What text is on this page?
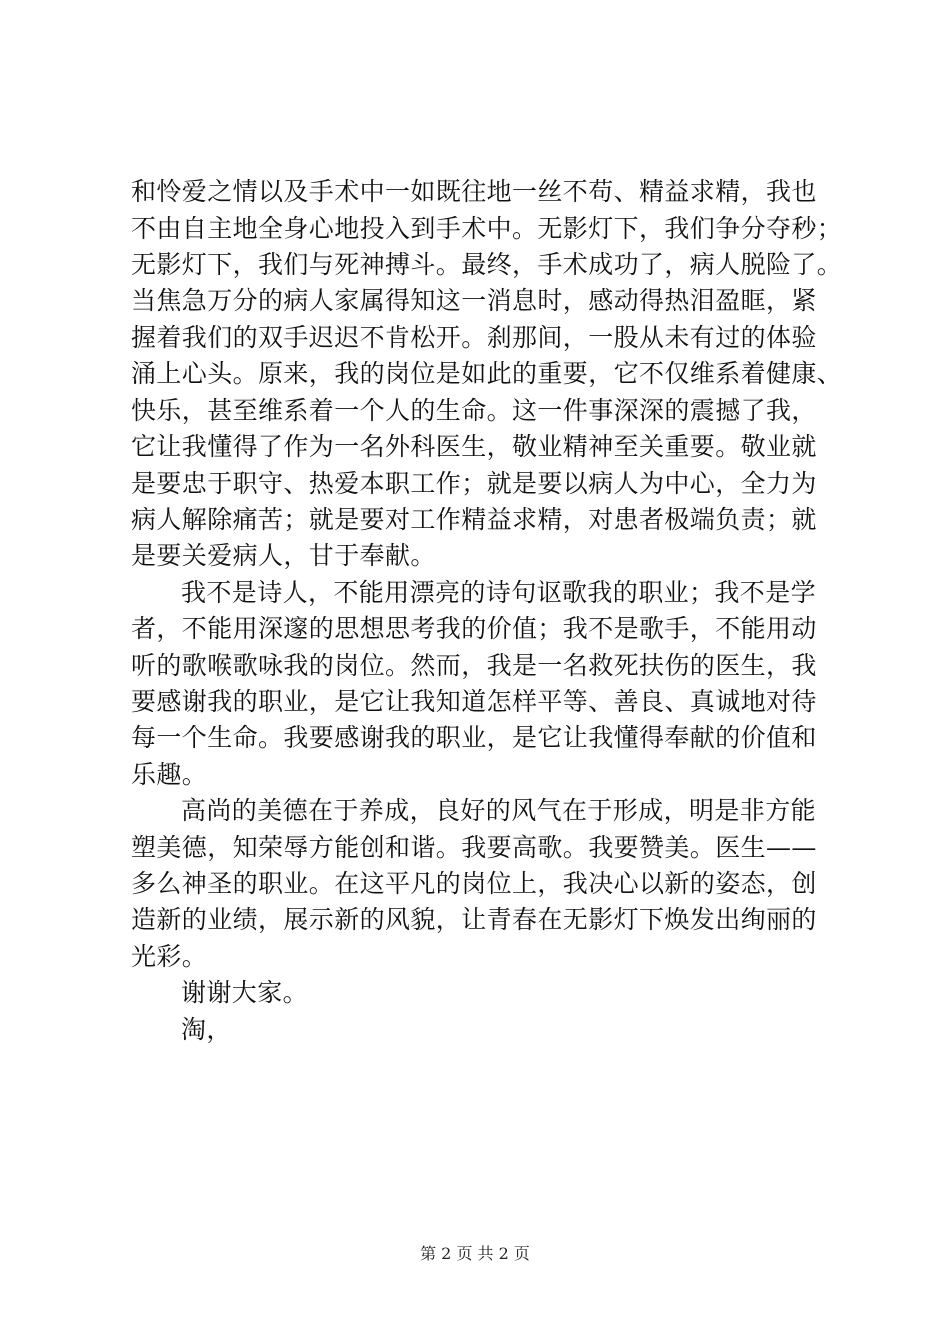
和怜爱之情以及手术中一如既往地一丝不苟、精益求精，我也
不由自主地全身心地投入到手术中。无影灯下，我们争分夺秒；
无影灯下，我们与死神搏斗。最终，手术成功了，病人脱险了。
当焦急万分的病人家属得知这一消息时，感动得热泪盈眶，紧
握着我们的双手迟迟不肯松开。刹那间，一股从未有过的体验
涌上心头。原来，我的岗位是如此的重要，它不仅维系着健康、
快乐，甚至维系着一个人的生命。这一件事深深的震撼了我，
它让我懂得了作为一名外科医生，敬业精神至关重要。敬业就
是要忠于职守、热爱本职工作；就是要以病人为中心，全力为
病人解除痛苦；就是要对工作精益求精，对患者极端负责；就
是要关爱病人，甘于奉献。
我不是诗人，不能用漂亮的诗句讴歌我的职业；我不是学
者，不能用深邃的思想思考我的价值；我不是歌手，不能用动
听的歌喉歌咏我的岗位。然而，我是一名救死扶伤的医生，我
要感谢我的职业，是它让我知道怎样平等、善良、真诚地对待
每一个生命。我要感谢我的职业，是它让我懂得奉献的价值和
乐趣。
高尚的美德在于养成，良好的风气在于形成，明是非方能
塑美德，知荣辱方能创和谐。我要高歌。我要赞美。医生——
多么神圣的职业。在这平凡的岗位上，我决心以新的姿态，创
造新的业绩，展示新的风貌，让青春在无影灯下焕发出绚丽的
光彩。
谢谢大家。
淘，
第 2 页 共 2 页
